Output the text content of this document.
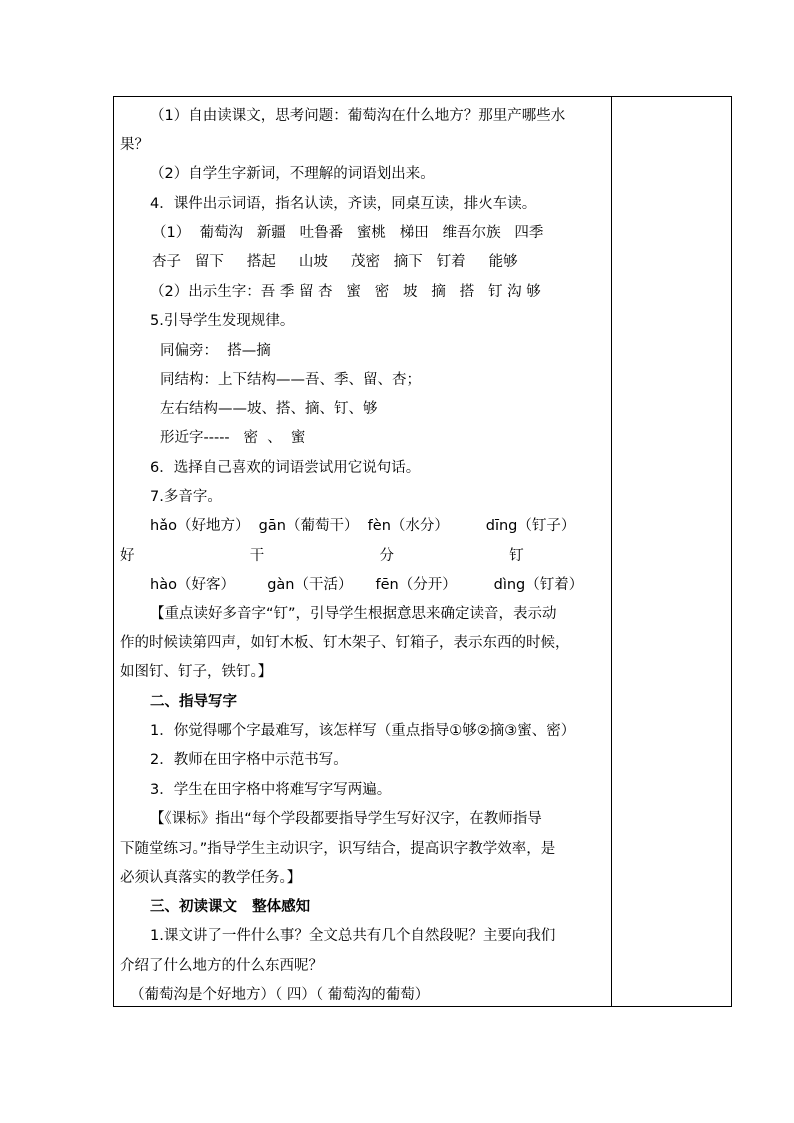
（1）自由读课文，思考问题：葡萄沟在什么地方？那里产哪些水
果？
（2）自学生字新词，不理解的词语划出来。
4．课件出示词语，指名认读，齐读，同桌互读，排火车读。
（1）  葡萄沟   新疆   吐鲁番   蜜桃   梯田   维吾尔族   四季
杏子   留下     搭起     山坡     茂密   摘下   钉着     能够
（2）出示生字：吾 季 留 杏   蜜   密   坡   摘   搭   钉 沟 够
5.引导学生发现规律。
同偏旁：  搭—摘
同结构：上下结构——吾、季、留、杏；
左右结构——坡、搭、摘、钉、够
形近字-----   密  、  蜜
6．选择自己喜欢的词语尝试用它说句话。
7.多音字。
hǎo（好地方）  gān（葡萄干）  fèn（水分）        dīng（钉子）
好                         干                         分                         钉
hào（好客）       gàn（干活）     fēn（分开）        dìng（钉着）
【重点读好多音字“钉”，引导学生根据意思来确定读音，表示动
作的时候读第四声，如钉木板、钉木架子、钉箱子，表示东西的时候，
如图钉、钉子，铁钉。】
二、指导写字
1．你觉得哪个字最难写，该怎样写（重点指导①够②摘③蜜、密）
2．教师在田字格中示范书写。
3．学生在田字格中将难写字写两遍。
【《课标》指出“每个学段都要指导学生写好汉字，在教师指导
下随堂练习。”指导学生主动识字，识写结合，提高识字教学效率，是
必须认真落实的教学任务。】
三、初读课文   整体感知
1.课文讲了一件什么事？全文总共有几个自然段呢？主要向我们
介绍了什么地方的什么东西呢？
（葡萄沟是个好地方）（ 四）（ 葡萄沟的葡萄）
